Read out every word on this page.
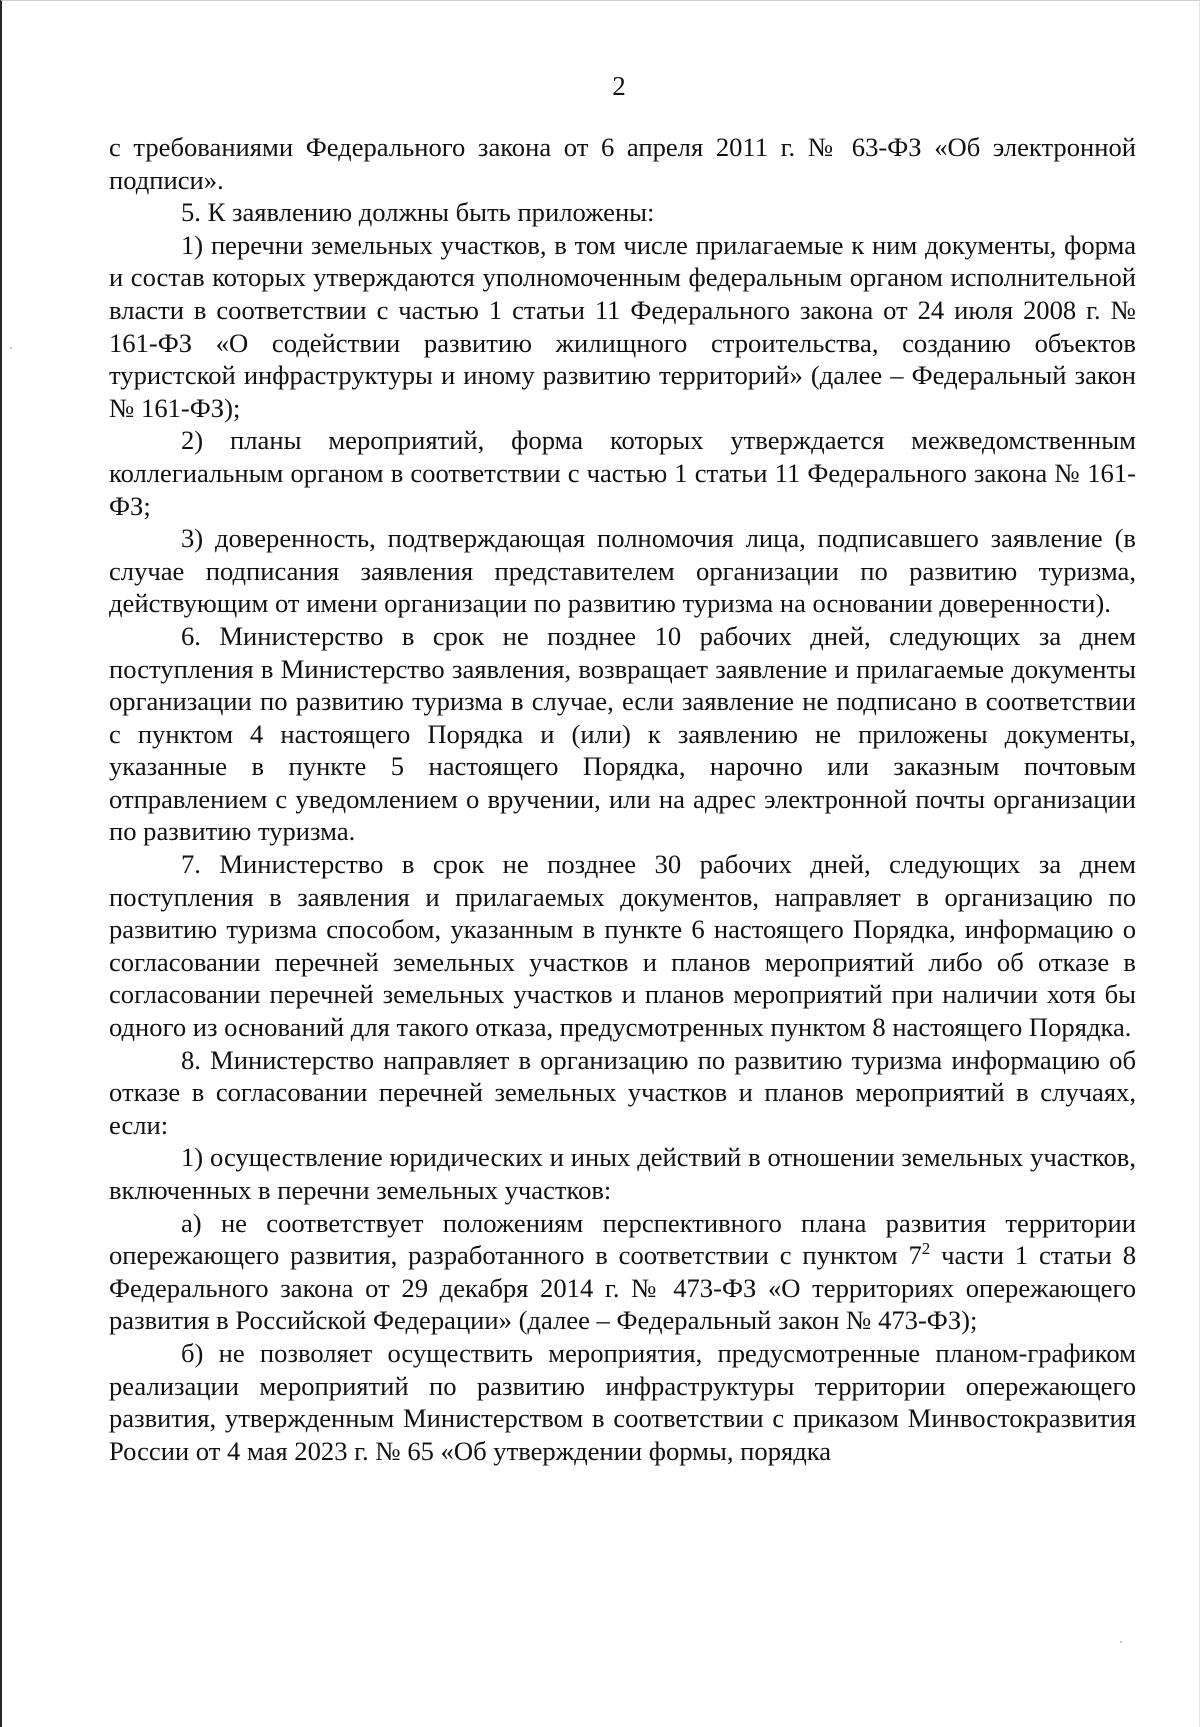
2

с требованиями Федерального закона от 6 апреля 2011 г. № 63-ФЗ «Об электронной подписи».

5. К заявлению должны быть приложены:

1) перечни земельных участков, в том числе прилагаемые к ним документы, форма и состав которых утверждаются уполномоченным федеральным органом исполнительной власти в соответствии с частью 1 статьи 11 Федерального закона от 24 июля 2008 г. № 161-ФЗ «О содействии развитию жилищного строительства, созданию объектов туристской инфраструктуры и иному развитию территорий» (далее – Федеральный закон № 161-ФЗ);

2) планы мероприятий, форма которых утверждается межведомственным коллегиальным органом в соответствии с частью 1 статьи 11 Федерального закона № 161-ФЗ;

3) доверенность, подтверждающая полномочия лица, подписавшего заявление (в случае подписания заявления представителем организации по развитию туризма, действующим от имени организации по развитию туризма на основании доверенности).

6. Министерство в срок не позднее 10 рабочих дней, следующих за днем поступления в Министерство заявления, возвращает заявление и прилагаемые документы организации по развитию туризма в случае, если заявление не подписано в соответствии с пунктом 4 настоящего Порядка и (или) к заявлению не приложены документы, указанные в пункте 5 настоящего Порядка, нарочно или заказным почтовым отправлением с уведомлением о вручении, или на адрес электронной почты организации по развитию туризма.

7. Министерство в срок не позднее 30 рабочих дней, следующих за днем поступления в заявления и прилагаемых документов, направляет в организацию по развитию туризма способом, указанным в пункте 6 настоящего Порядка, информацию о согласовании перечней земельных участков и планов мероприятий либо об отказе в согласовании перечней земельных участков и планов мероприятий при наличии хотя бы одного из оснований для такого отказа, предусмотренных пунктом 8 настоящего Порядка.

8. Министерство направляет в организацию по развитию туризма информацию об отказе в согласовании перечней земельных участков и планов мероприятий в случаях, если:

1) осуществление юридических и иных действий в отношении земельных участков, включенных в перечни земельных участков:

а) не соответствует положениям перспективного плана развития территории опережающего развития, разработанного в соответствии с пунктом $7^2$ части 1 статьи 8 Федерального закона от 29 декабря 2014 г. № 473-ФЗ «О территориях опережающего развития в Российской Федерации» (далее – Федеральный закон № 473-ФЗ);

б) не позволяет осуществить мероприятия, предусмотренные планом-графиком реализации мероприятий по развитию инфраструктуры территории опережающего развития, утвержденным Министерством в соответствии с приказом Минвостокразвития России от 4 мая 2023 г. № 65 «Об утверждении формы, порядка
